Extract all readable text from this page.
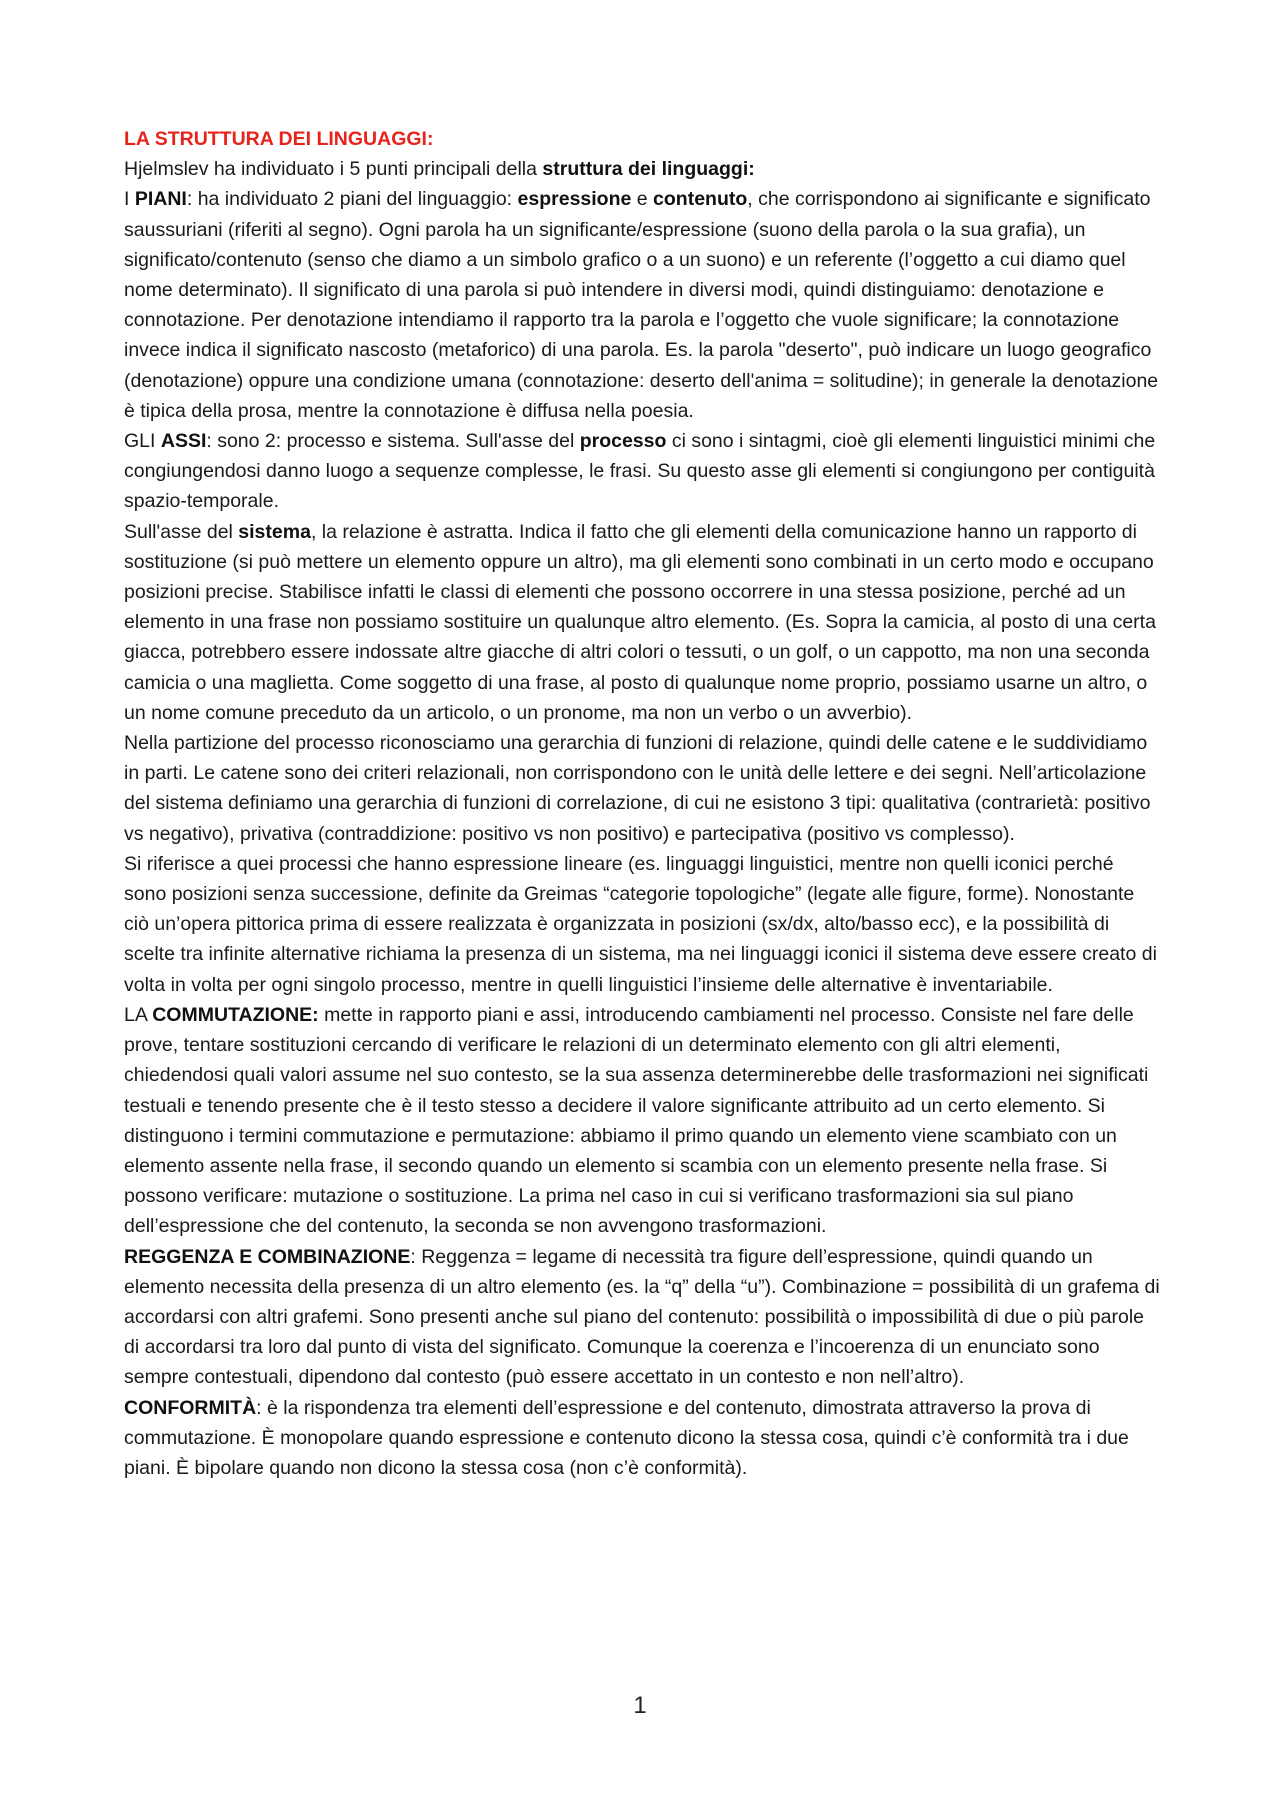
LA STRUTTURA DEI LINGUAGGI:

Hjelmslev ha individuato i 5 punti principali della struttura dei linguaggi:

I PIANI: ha individuato 2 piani del linguaggio: espressione e contenuto, che corrispondono ai significante e significato saussuriani (riferiti al segno). Ogni parola ha un significante/espressione (suono della parola o la sua grafia), un significato/contenuto (senso che diamo a un simbolo grafico o a un suono) e un referente (l’oggetto a cui diamo quel nome determinato). Il significato di una parola si può intendere in diversi modi, quindi distinguiamo: denotazione e connotazione. Per denotazione intendiamo il rapporto tra la parola e l’oggetto che vuole significare; la connotazione invece indica il significato nascosto (metaforico) di una parola. Es. la parola "deserto", può indicare un luogo geografico (denotazione) oppure una condizione umana (connotazione: deserto dell'anima = solitudine); in generale la denotazione è tipica della prosa, mentre la connotazione è diffusa nella poesia.

GLI ASSI: sono 2: processo e sistema. Sull'asse del processo ci sono i sintagmi, cioè gli elementi linguistici minimi che congiungendosi danno luogo a sequenze complesse, le frasi. Su questo asse gli elementi si congiungono per contiguità spazio-temporale.

Sull'asse del sistema, la relazione è astratta. Indica il fatto che gli elementi della comunicazione hanno un rapporto di sostituzione (si può mettere un elemento oppure un altro), ma gli elementi sono combinati in un certo modo e occupano posizioni precise. Stabilisce infatti le classi di elementi che possono occorrere in una stessa posizione, perché ad un elemento in una frase non possiamo sostituire un qualunque altro elemento. (Es. Sopra la camicia, al posto di una certa giacca, potrebbero essere indossate altre giacche di altri colori o tessuti, o un golf, o un cappotto, ma non una seconda camicia o una maglietta. Come soggetto di una frase, al posto di qualunque nome proprio, possiamo usarne un altro, o un nome comune preceduto da un articolo, o un pronome, ma non un verbo o un avverbio).

Nella partizione del processo riconosciamo una gerarchia di funzioni di relazione, quindi delle catene e le suddividiamo in parti. Le catene sono dei criteri relazionali, non corrispondono con le unità delle lettere e dei segni. Nell’articolazione del sistema definiamo una gerarchia di funzioni di correlazione, di cui ne esistono 3 tipi: qualitativa (contrarietà: positivo vs negativo), privativa (contraddizione: positivo vs non positivo) e partecipativa (positivo vs complesso).

Si riferisce a quei processi che hanno espressione lineare (es. linguaggi linguistici, mentre non quelli iconici perché sono posizioni senza successione, definite da Greimas “categorie topologiche” (legate alle figure, forme). Nonostante ciò un’opera pittorica prima di essere realizzata è organizzata in posizioni (sx/dx, alto/basso ecc), e la possibilità di scelte tra infinite alternative richiama la presenza di un sistema, ma nei linguaggi iconici il sistema deve essere creato di volta in volta per ogni singolo processo, mentre in quelli linguistici l’insieme delle alternative è inventariabile.

LA COMMUTAZIONE: mette in rapporto piani e assi, introducendo cambiamenti nel processo. Consiste nel fare delle prove, tentare sostituzioni cercando di verificare le relazioni di un determinato elemento con gli altri elementi, chiedendosi quali valori assume nel suo contesto, se la sua assenza determinerebbe delle trasformazioni nei significati testuali e tenendo presente che è il testo stesso a decidere il valore significante attribuito ad un certo elemento. Si distinguono i termini commutazione e permutazione: abbiamo il primo quando un elemento viene scambiato con un elemento assente nella frase, il secondo quando un elemento si scambia con un elemento presente nella frase. Si possono verificare: mutazione o sostituzione. La prima nel caso in cui si verificano trasformazioni sia sul piano dell’espressione che del contenuto, la seconda se non avvengono trasformazioni.

REGGENZA E COMBINAZIONE: Reggenza = legame di necessità tra figure dell’espressione, quindi quando un elemento necessita della presenza di un altro elemento (es. la “q” della “u”). Combinazione = possibilità di un grafema di accordarsi con altri grafemi. Sono presenti anche sul piano del contenuto: possibilità o impossibilità di due o più parole di accordarsi tra loro dal punto di vista del significato. Comunque la coerenza e l’incoerenza di un enunciato sono sempre contestuali, dipendono dal contesto (può essere accettato in un contesto e non nell’altro).

CONFORMITÀ: è la rispondenza tra elementi dell’espressione e del contenuto, dimostrata attraverso la prova di commutazione. È monopolare quando espressione e contenuto dicono la stessa cosa, quindi c’è conformità tra i due piani. È bipolare quando non dicono la stessa cosa (non c’è conformità).

1
